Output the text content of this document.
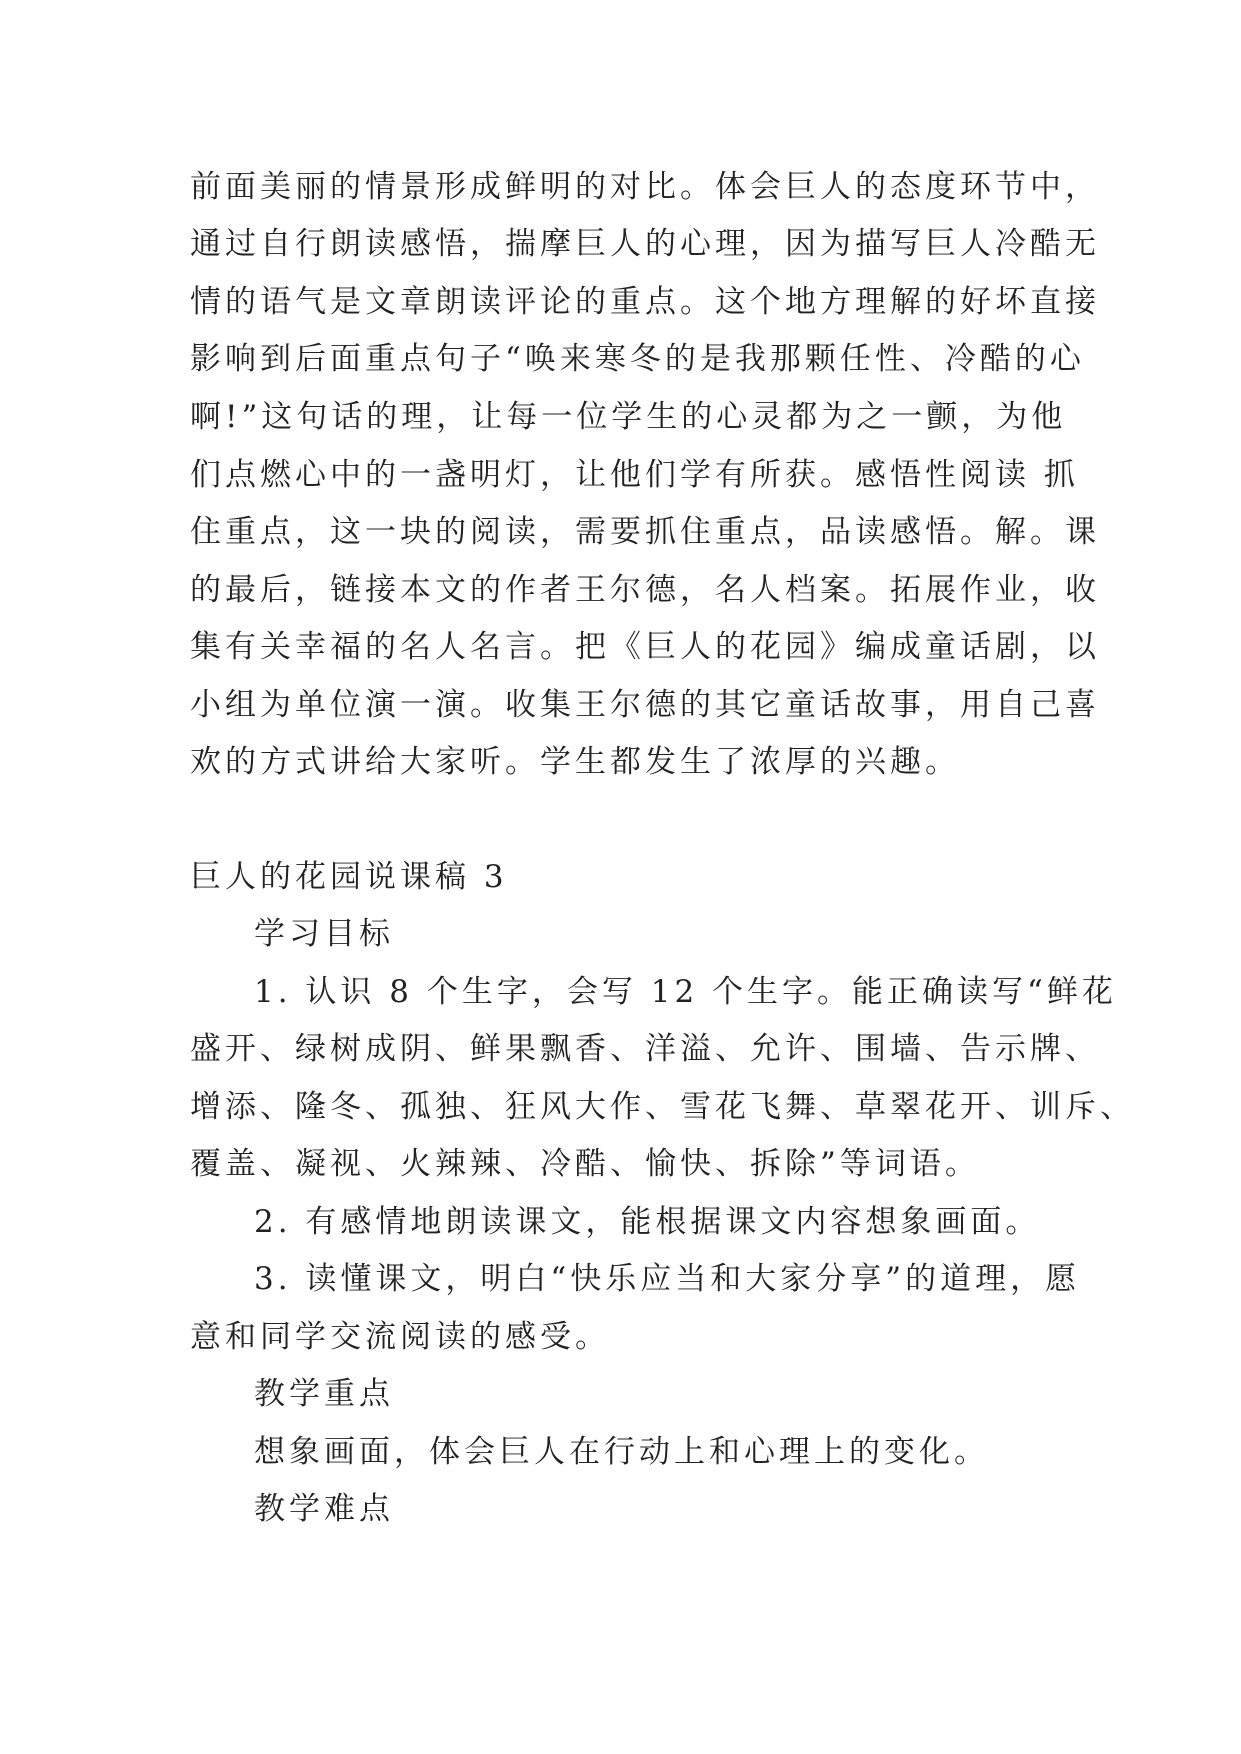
前面美丽的情景形成鲜明的对比。体会巨人的态度环节中，
通过自行朗读感悟，揣摩巨人的心理，因为描写巨人冷酷无
情的语气是文章朗读评论的重点。这个地方理解的好坏直接
影响到后面重点句子“唤来寒冬的是我那颗任性、冷酷的心
啊!”这句话的理，让每一位学生的心灵都为之一颤，为他
们点燃心中的一盏明灯，让他们学有所获。感悟性阅读 抓
住重点，这一块的阅读，需要抓住重点，品读感悟。解。课
的最后，链接本文的作者王尔德，名人档案。拓展作业，收
集有关幸福的名人名言。把《巨人的花园》编成童话剧，以
小组为单位演一演。收集王尔德的其它童话故事，用自己喜
欢的方式讲给大家听。学生都发生了浓厚的兴趣。
巨人的花园说课稿 3
学习目标
1. 认识 8 个生字，会写 12 个生字。能正确读写“鲜花
盛开、绿树成阴、鲜果飘香、洋溢、允许、围墙、告示牌、
增添、隆冬、孤独、狂风大作、雪花飞舞、草翠花开、训斥、
覆盖、凝视、火辣辣、冷酷、愉快、拆除”等词语。
2. 有感情地朗读课文，能根据课文内容想象画面。
3. 读懂课文，明白“快乐应当和大家分享”的道理，愿
意和同学交流阅读的感受。
教学重点
想象画面，体会巨人在行动上和心理上的变化。
教学难点
